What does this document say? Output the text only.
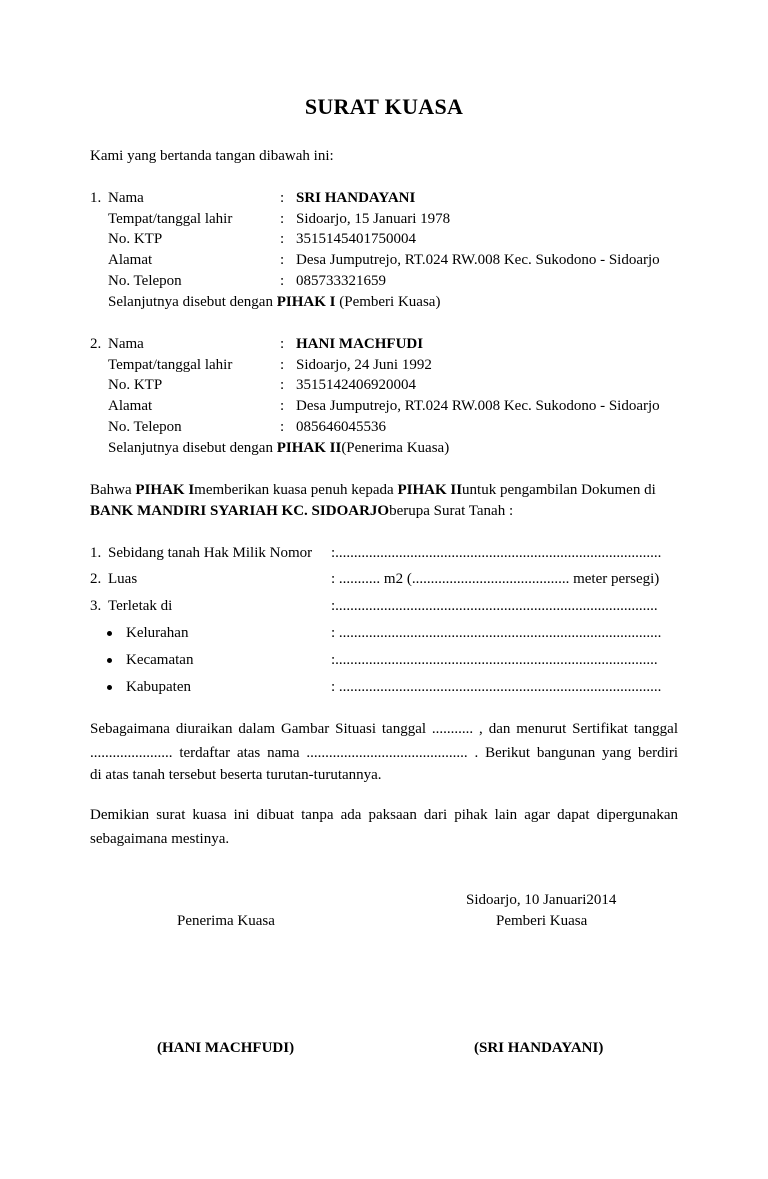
SURAT KUASA
Kami yang bertanda tangan dibawah ini:
1. Nama	: SRI HANDAYANI
Tempat/tanggal lahir	: Sidoarjo, 15 Januari 1978
No. KTP	: 3515145401750004
Alamat	: Desa Jumputrejo, RT.024 RW.008 Kec. Sukodono - Sidoarjo
No. Telepon	: 085733321659
Selanjutnya disebut dengan PIHAK I (Pemberi Kuasa)
2. Nama	: HANI MACHFUDI
Tempat/tanggal lahir	: Sidoarjo, 24 Juni 1992
No. KTP	: 3515142406920004
Alamat	: Desa Jumputrejo, RT.024 RW.008 Kec. Sukodono - Sidoarjo
No. Telepon	: 085646045536
Selanjutnya disebut dengan PIHAK II(Penerima Kuasa)
Bahwa PIHAK Imemberikan kuasa penuh kepada PIHAK IIuntuk pengambilan Dokumen di
BANK MANDIRI SYARIAH KC. SIDOARJOberupa Surat Tanah :
1. Sebidang tanah Hak Milik Nomor :.......................................................................................
2. Luas	: ........... m2 (.......................................... meter persegi)
3. Terletak di	:......................................................................................
Kelurahan	: ......................................................................................
Kecamatan	:......................................................................................
Kabupaten	: ......................................................................................
Sebagaimana diuraikan dalam Gambar Situasi tanggal ........... , dan menurut Sertifikat tanggal
...................... terdaftar atas nama ........................................... . Berikut bangunan yang berdiri
di atas tanah tersebut beserta turutan-turutannya.
Demikian surat kuasa ini dibuat tanpa ada paksaan dari pihak lain agar dapat dipergunakan
sebagaimana mestinya.
Sidoarjo, 10 Januari2014
Penerima Kuasa	Pemberi Kuasa
(HANI MACHFUDI)	(SRI HANDAYANI)
